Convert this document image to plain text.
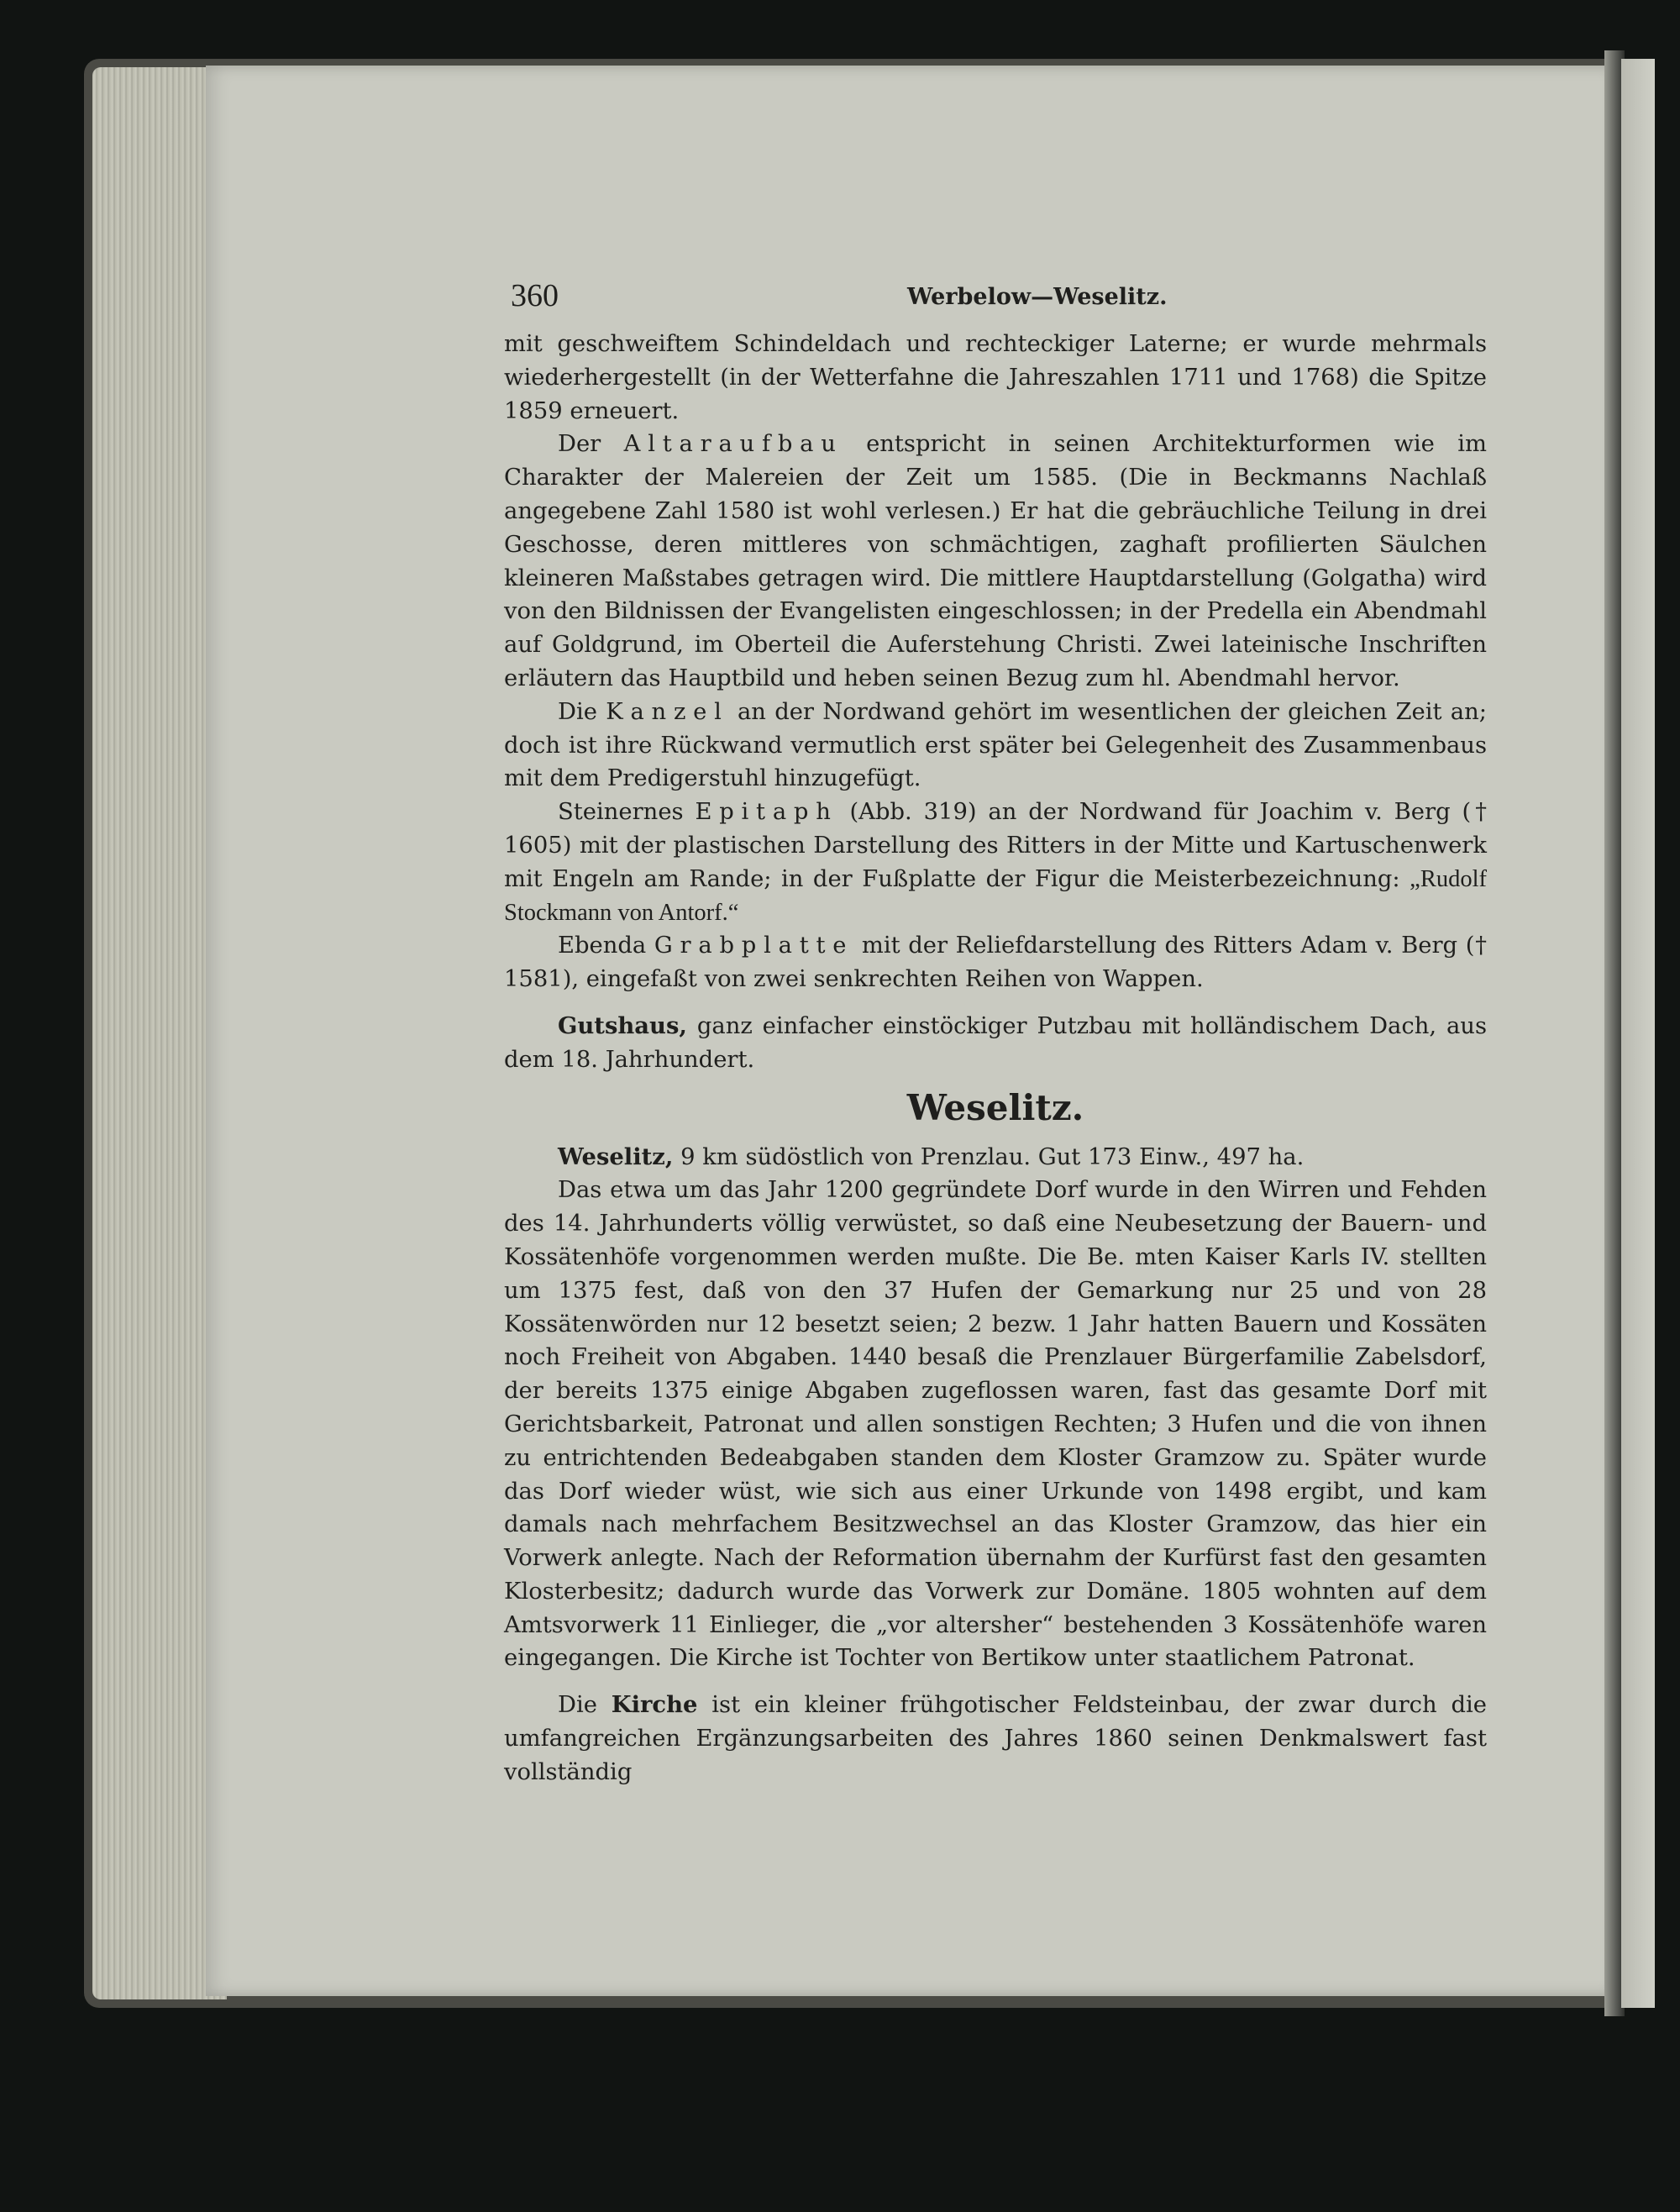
360	Werbelow—Weselitz.

mit geschweiftem Schindeldach und rechteckiger Laterne; er wurde mehrmals wiederhergestellt (in der Wetterfahne die Jahreszahlen 1711 und 1768) die Spitze 1859 erneuert.

Der Altaraufbau entspricht in seinen Architekturformen wie im Charakter der Malereien der Zeit um 1585. (Die in Beckmanns Nachlaß angegebene Zahl 1580 ist wohl verlesen.) Er hat die gebräuchliche Teilung in drei Geschosse, deren mittleres von schmächtigen, zaghaft profilierten Säulchen kleineren Maßstabes getragen wird. Die mittlere Hauptdarstellung (Golgatha) wird von den Bildnissen der Evangelisten eingeschlossen; in der Predella ein Abendmahl auf Goldgrund, im Oberteil die Auferstehung Christi. Zwei lateinische Inschriften erläutern das Hauptbild und heben seinen Bezug zum hl. Abendmahl hervor.

Die Kanzel an der Nordwand gehört im wesentlichen der gleichen Zeit an; doch ist ihre Rückwand vermutlich erst später bei Gelegenheit des Zusammenbaus mit dem Predigerstuhl hinzugefügt.

Steinernes Epitaph (Abb. 319) an der Nordwand für Joachim v. Berg († 1605) mit der plastischen Darstellung des Ritters in der Mitte und Kartuschenwerk mit Engeln am Rande; in der Fußplatte der Figur die Meisterbezeichnung: „Rudolf Stockmann von Antorf.“

Ebenda Grabplatte mit der Reliefdarstellung des Ritters Adam v. Berg († 1581), eingefaßt von zwei senkrechten Reihen von Wappen.

Gutshaus, ganz einfacher einstöckiger Putzbau mit holländischem Dach, aus dem 18. Jahrhundert.

Weselitz.

Weselitz, 9 km südöstlich von Prenzlau. Gut 173 Einw., 497 ha.

Das etwa um das Jahr 1200 gegründete Dorf wurde in den Wirren und Fehden des 14. Jahrhunderts völlig verwüstet, so daß eine Neubesetzung der Bauern- und Kossätenhöfe vorgenommen werden mußte. Die Be. mten Kaiser Karls IV. stellten um 1375 fest, daß von den 37 Hufen der Gemarkung nur 25 und von 28 Kossätenwörden nur 12 besetzt seien; 2 bezw. 1 Jahr hatten Bauern und Kossäten noch Freiheit von Abgaben. 1440 besaß die Prenzlauer Bürgerfamilie Zabelsdorf, der bereits 1375 einige Abgaben zugeflossen waren, fast das gesamte Dorf mit Gerichtsbarkeit, Patronat und allen sonstigen Rechten; 3 Hufen und die von ihnen zu entrichtenden Bedeabgaben standen dem Kloster Gramzow zu. Später wurde das Dorf wieder wüst, wie sich aus einer Urkunde von 1498 ergibt, und kam damals nach mehrfachem Besitzwechsel an das Kloster Gramzow, das hier ein Vorwerk anlegte. Nach der Reformation übernahm der Kurfürst fast den gesamten Klosterbesitz; dadurch wurde das Vorwerk zur Domäne. 1805 wohnten auf dem Amtsvorwerk 11 Einlieger, die „vor altersher“ bestehenden 3 Kossätenhöfe waren eingegangen. Die Kirche ist Tochter von Bertikow unter staatlichem Patronat.

Die Kirche ist ein kleiner frühgotischer Feldsteinbau, der zwar durch die umfangreichen Ergänzungsarbeiten des Jahres 1860 seinen Denkmalswert fast vollständig
